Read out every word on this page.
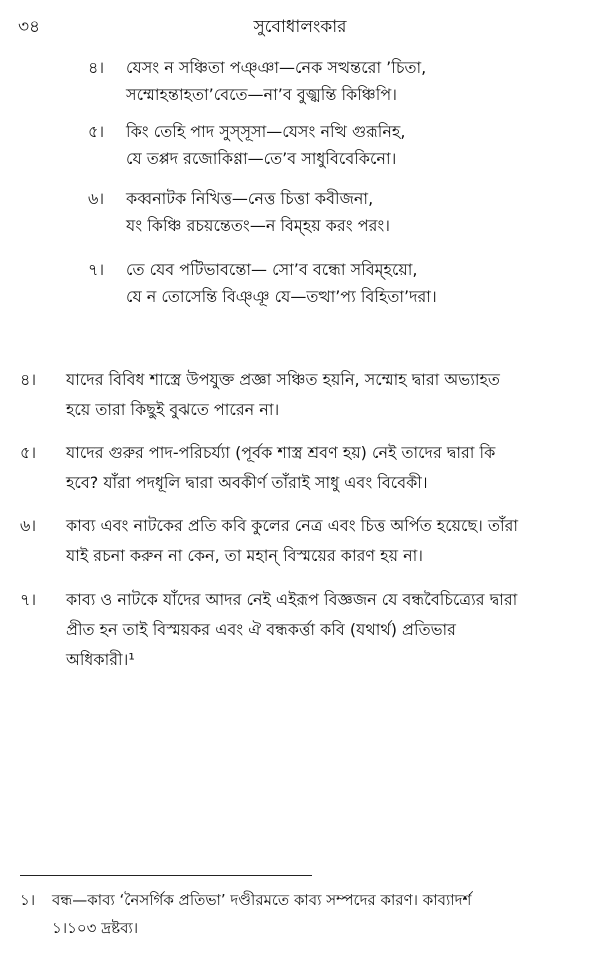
৩৪	সুবোধালংকার
৪।	যেসং ন সঞ্চিতা পঞ্ঞা—নেক সত্থন্তরো ’চিতা,
সম্মোহন্তাহতা’বেতে—না’ব বুজ্ঝন্তি কিঞ্চিপি।
৫।	কিং তেহি পাদ সুস্সূসা—যেসং নত্থি গুরূনিহ,
যে তপ্পদ রজোকিণ্ণা—তে’ব সাধুবিবেকিনো।
৬।	কব্বনাটক নিখিত্ত—নেত্ত চিত্তা কবীজনা,
যং কিঞ্চি রচয়ন্তেতং—ন বিম্হয় করং পরং।
৭।	তে যেব পটিভাবন্তো— সো’ব বন্ধো সবিম্হয়ো,
যে ন তোসেন্তি বিঞ্ঞূ যে—তত্থা’প্য বিহিতা’দরা।
৪।	যাদের বিবিধ শাস্ত্রে উপযুক্ত প্রজ্ঞা সঞ্চিত হয়নি, সম্মোহ দ্বারা অভ্যাহত
হয়ে তারা কিছুই বুঝতে পারেন না।
৫।	যাদের গুরুর পাদ-পরিচর্য্যা (পূর্বক শাস্ত্র শ্রবণ হয়) নেই তাদের দ্বারা কি
হবে? যাঁরা পদধূলি দ্বারা অবকীর্ণ তাঁরাই সাধু এবং বিবেকী।
৬।	কাব্য এবং নাটকের প্রতি কবি কুলের নেত্র এবং চিত্ত অর্পিত হয়েছে। তাঁরা
যাই রচনা করুন না কেন, তা মহান্ বিস্ময়ের কারণ হয় না।
৭।	কাব্য ও নাটকে যাঁদের আদর নেই এইরূপ বিজ্ঞজন যে বন্ধবৈচিত্র্যের দ্বারা
প্রীত হন তাই বিস্ময়কর এবং ঐ বন্ধকর্ত্তা কবি (যথার্থ) প্রতিভার
অধিকারী।¹
১।	বন্ধ—কাব্য ‘নৈসর্গিক প্রতিভা’ দণ্ডীরমতে কাব্য সম্পদের কারণ। কাব্যাদর্শ
১।১০৩ দ্রষ্টব্য।
